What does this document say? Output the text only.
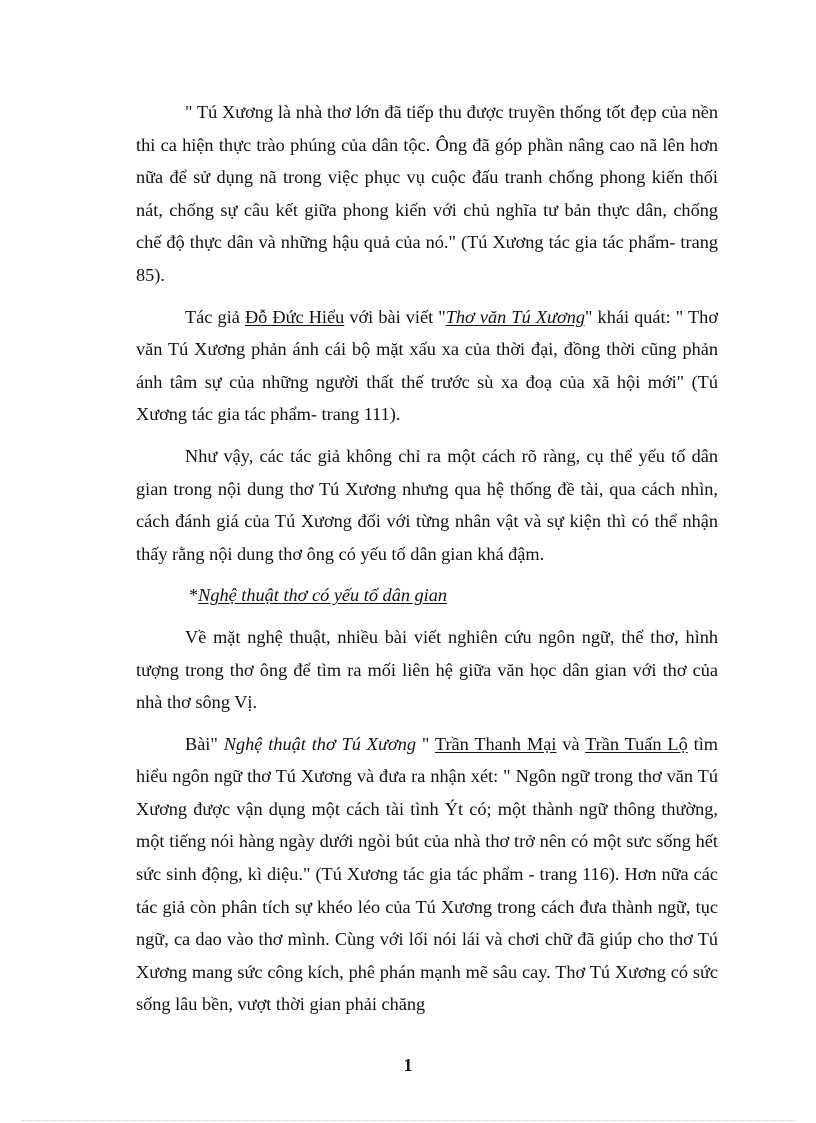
" Tú Xương là nhà thơ lớn đã tiếp thu được truyền thống tốt đẹp của nền thi ca hiện thực trào phúng của dân tộc. Ông đã góp phần nâng cao nã lên hơn nữa để sử dụng nã trong việc phục vụ cuộc đấu tranh chống phong kiến thối nát, chống sự câu kết giữa phong kiến với chủ nghĩa tư bản thực dân, chống chế độ thực dân và những hậu quả của nó." (Tú Xương tác gia tác phẩm- trang 85).

Tác giả Đỗ Đức Hiểu với bài viết "Thơ văn Tú Xương" khái quát: " Thơ văn Tú Xương phản ánh cái bộ mặt xấu xa của thời đại, đồng thời cũng phản ánh tâm sự của những người thất thế trước sù xa đoạ của xã hội mới" (Tú Xương tác gia tác phẩm- trang 111).

Như vậy, các tác giả không chỉ ra một cách rõ ràng, cụ thể yếu tố dân gian trong nội dung thơ Tú Xương nhưng qua hệ thống đề tài, qua cách nhìn, cách đánh giá của Tú Xương đối với từng nhân vật và sự kiện thì có thể nhận thấy rằng nội dung thơ ông có yếu tố dân gian khá đậm.

*Nghệ thuật thơ có yếu tố dân gian

Về mặt nghệ thuật, nhiều bài viết nghiên cứu ngôn ngữ, thể thơ, hình tượng trong thơ ông để tìm ra mối liên hệ giữa văn học dân gian với thơ của nhà thơ sông Vị.

Bài" Nghệ thuật thơ Tú Xương " Trần Thanh Mại và Trần Tuấn Lộ tìm hiểu ngôn ngữ thơ Tú Xương và đưa ra nhận xét: " Ngôn ngữ trong thơ văn Tú Xương được vận dụng một cách tài tình Ýt có; một thành ngữ thông thường, một tiếng nói hàng ngày dưới ngòi bút của nhà thơ trở nên có một sưc sống hết sức sinh động, kì diệu." (Tú Xương tác gia tác phẩm - trang 116). Hơn nữa các tác giả còn phân tích sự khéo léo của Tú Xương trong cách đưa thành ngữ, tục ngữ, ca dao vào thơ mình. Cùng với lối nói lái và chơi chữ đã giúp cho thơ Tú Xương mang sức công kích, phê phán mạnh mẽ sâu cay. Thơ Tú Xương có sức sống lâu bền, vượt thời gian phải chăng

1
